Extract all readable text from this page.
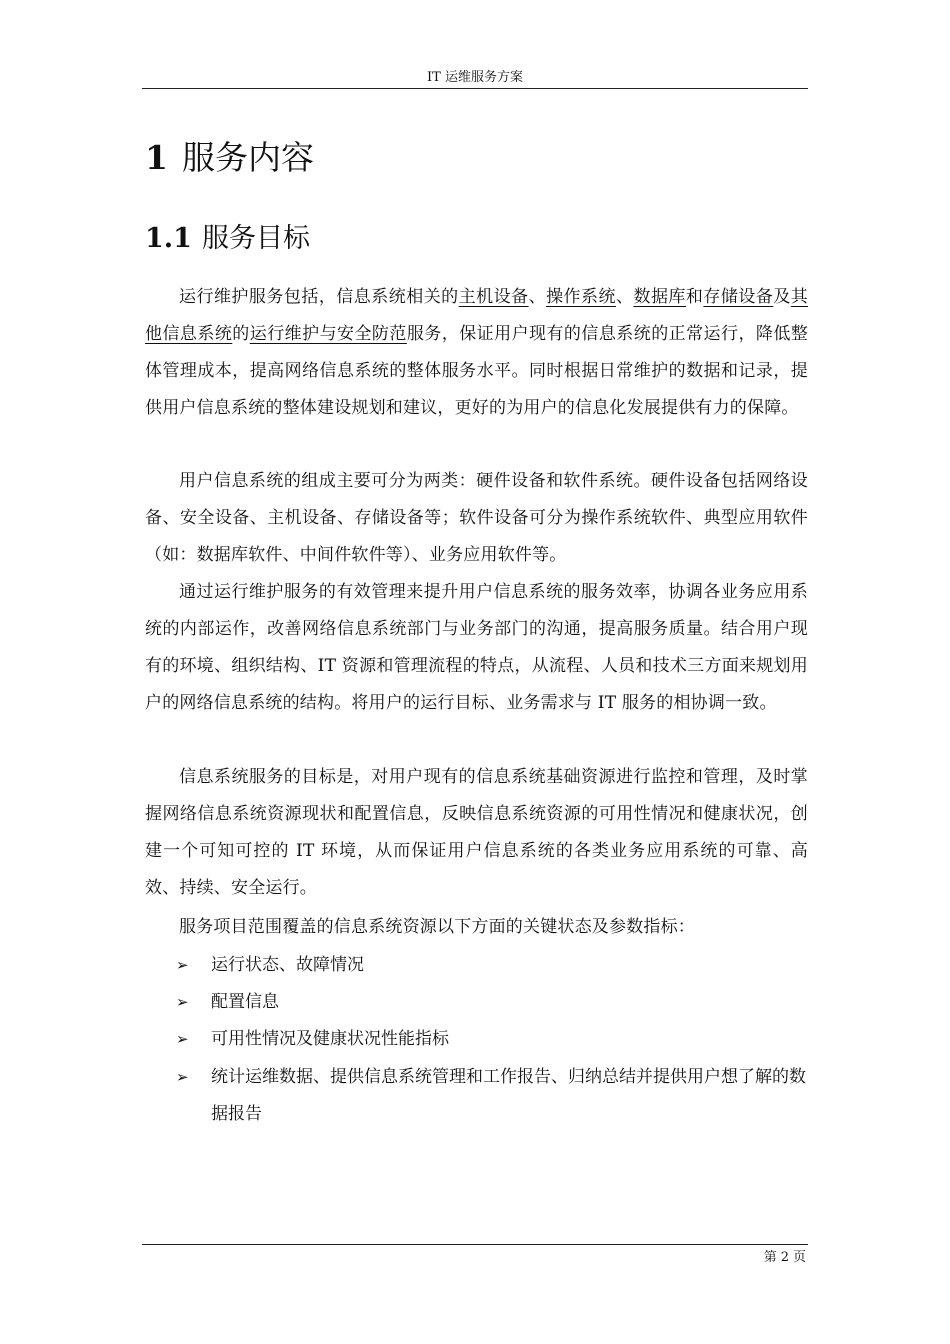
IT 运维服务方案
1 服务内容
1.1 服务目标

运行维护服务包括，信息系统相关的主机设备、操作系统、数据库和存储设备及其他信息系统的运行维护与安全防范服务，保证用户现有的信息系统的正常运行，降低整体管理成本，提高网络信息系统的整体服务水平。同时根据日常维护的数据和记录，提供用户信息系统的整体建设规划和建议，更好的为用户的信息化发展提供有力的保障。

用户信息系统的组成主要可分为两类：硬件设备和软件系统。硬件设备包括网络设备、安全设备、主机设备、存储设备等；软件设备可分为操作系统软件、典型应用软件（如：数据库软件、中间件软件等）、业务应用软件等。

通过运行维护服务的有效管理来提升用户信息系统的服务效率，协调各业务应用系统的内部运作，改善网络信息系统部门与业务部门的沟通，提高服务质量。结合用户现有的环境、组织结构、IT 资源和管理流程的特点，从流程、人员和技术三方面来规划用户的网络信息系统的结构。将用户的运行目标、业务需求与 IT 服务的相协调一致。

信息系统服务的目标是，对用户现有的信息系统基础资源进行监控和管理，及时掌握网络信息系统资源现状和配置信息，反映信息系统资源的可用性情况和健康状况，创建一个可知可控的 IT 环境，从而保证用户信息系统的各类业务应用系统的可靠、高效、持续、安全运行。

服务项目范围覆盖的信息系统资源以下方面的关键状态及参数指标：

➢	运行状态、故障情况
➢	配置信息
➢	可用性情况及健康状况性能指标
➢	统计运维数据、提供信息系统管理和工作报告、归纳总结并提供用户想了解的数据报告
第 2 页
